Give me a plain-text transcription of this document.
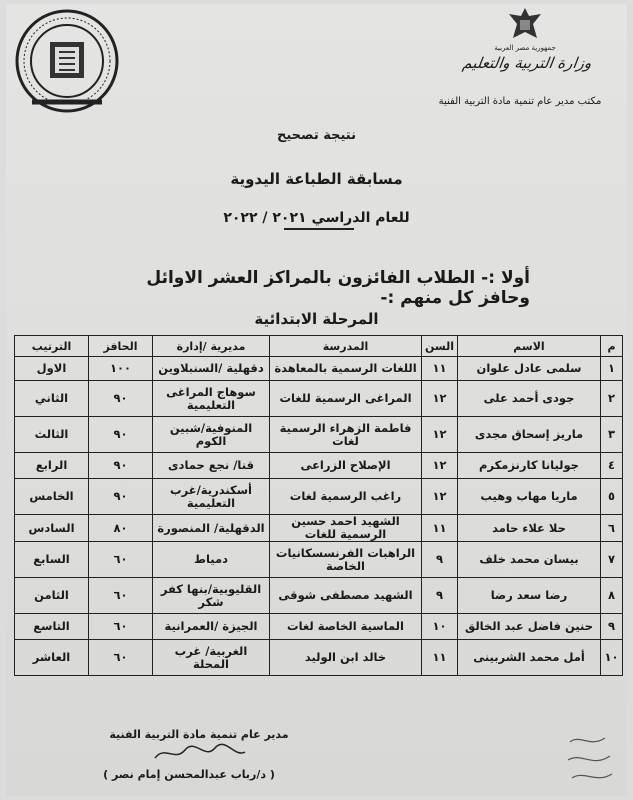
جمهورية مصر العربية
وزارة التربية والتعليم
مكتب مدير عام تنمية مادة التربية الفنية
نتيجة تصحيح
مسابقة الطباعة اليدوية
للعام الدراسي ٢٠٢١ / ٢٠٢٢
أولا :- الطلاب الفائزون بالمراكز العشر الاوائل وحافز كل منهم :-
المرحلة الابتدائية
م	الاسم	السن	المدرسة	مديرية /إدارة	الحافز	الترتيب
١	سلمى عادل علوان	١١	اللغات الرسمية بالمعاهدة	دقهلية /السنبلاوين	١٠٠	الاول
٢	جودى أحمد على	١٢	المراغى الرسمية للغات	سوهاج المراغى التعليمية	٩٠	الثاني
٣	ماريز إسحاق مجدى	١٢	فاطمة الزهراء الرسمية لغات	المنوفية/شبين الكوم	٩٠	الثالث
٤	جوليانا كارنزمكرم	١٢	الإصلاح الزراعى	قنا/ نجع حمادى	٩٠	الرابع
٥	ماريا مهاب وهيب	١٢	راغب الرسمية لغات	أسكندرية/غرب التعليمية	٩٠	الخامس
٦	حلا علاء حامد	١١	الشهيد احمد حسين الرسمية للغات	الدقهلية/ المنصورة	٨٠	السادس
٧	بيسان محمد خلف	٩	الراهبات الفرنسسكانيات الخاصة	دمياط	٦٠	السابع
٨	رضا سعد رضا	٩	الشهيد مصطفى شوقى	القليوبية/بنها كفر شكر	٦٠	الثامن
٩	حنين فاضل عبد الخالق	١٠	الماسية الخاصة لغات	الجيزة /العمرانية	٦٠	التاسع
١٠	أمل محمد الشربينى	١١	خالد ابن الوليد	الغربية/ غرب المحلة	٦٠	العاشر
مدير عام تنمية مادة التربية الفنية
( د/رباب عبدالمحسن إمام نصر )
